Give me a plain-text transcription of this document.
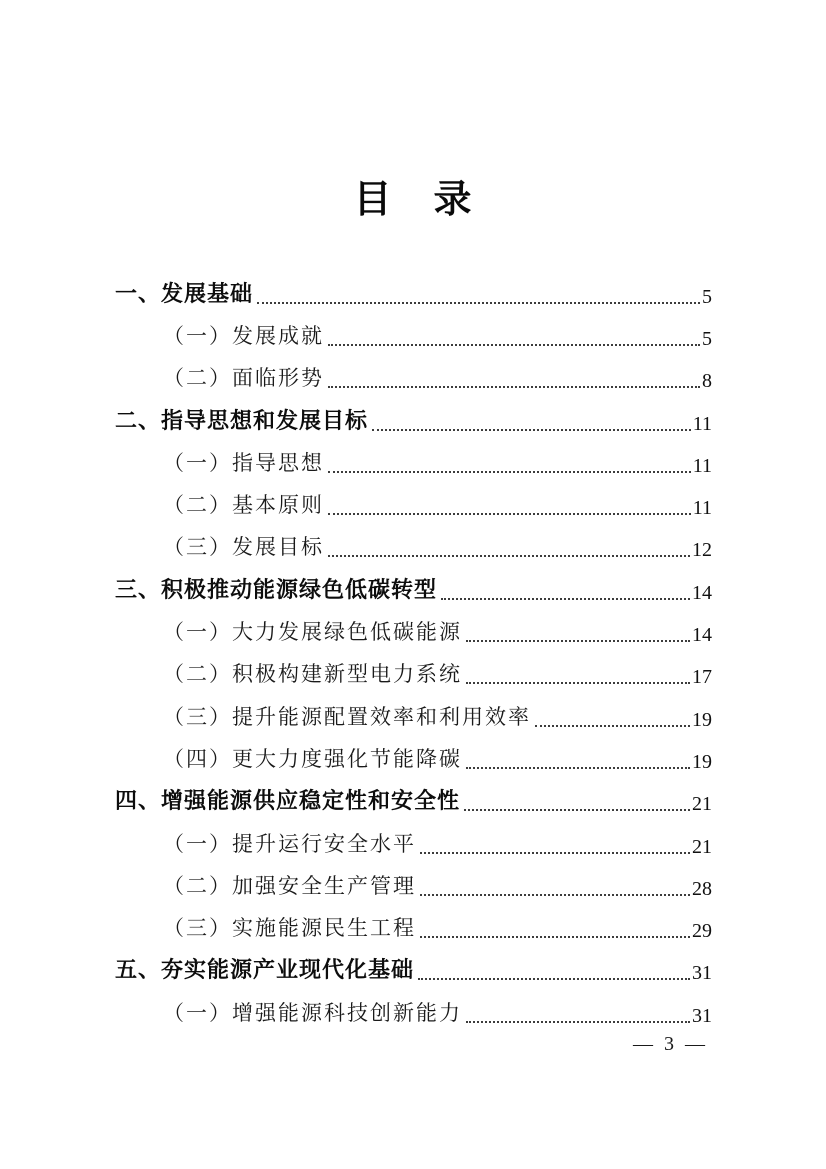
目　录
一、发展基础	5
（一）发展成就	5
（二）面临形势	8
二、指导思想和发展目标	11
（一）指导思想	11
（二）基本原则	11
（三）发展目标	12
三、积极推动能源绿色低碳转型	14
（一）大力发展绿色低碳能源	14
（二）积极构建新型电力系统	17
（三）提升能源配置效率和利用效率	19
（四）更大力度强化节能降碳	19
四、增强能源供应稳定性和安全性	21
（一）提升运行安全水平	21
（二）加强安全生产管理	28
（三）实施能源民生工程	29
五、夯实能源产业现代化基础	31
（一）增强能源科技创新能力	31
— 3 —
